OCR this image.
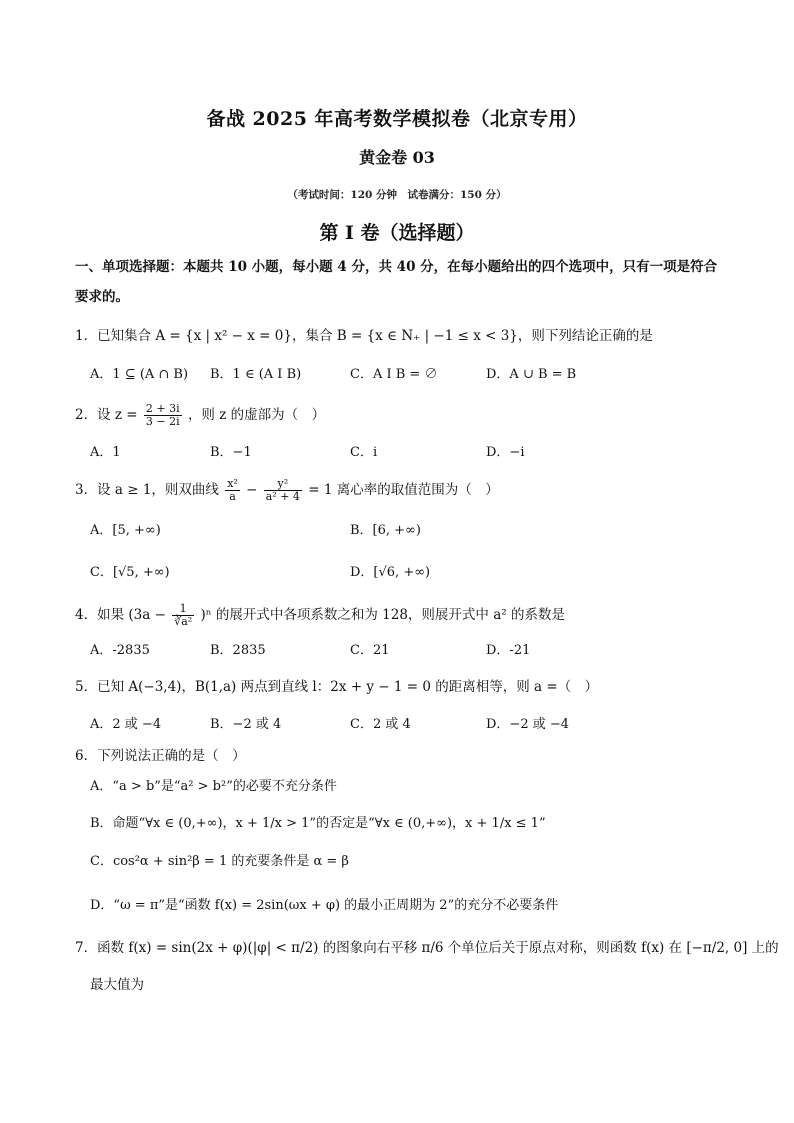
备战 2025 年高考数学模拟卷（北京专用）
黄金卷 03
（考试时间：120 分钟　试卷满分：150 分）
第 I 卷（选择题）
一、单项选择题：本题共 10 小题，每小题 4 分，共 40 分，在每小题给出的四个选项中，只有一项是符合
要求的。
1．已知集合 A = {x | x² − x = 0}，集合 B = {x ∈ N₊ | −1 ≤ x < 3}，则下列结论正确的是
A．1 ⊆ (A ∩ B) B．1 ∈ (A I B)	C．A I B = ∅	D．A ∪ B = B
2．设 $z = \frac{2 + 3i}{3 - 2i}$ ，则 z 的虚部为（　）
A．1	B．−1	C．i	D．−i
3．设 a ≥ 1，则双曲线 $\frac{\text{x²}}{a} - \frac{\text{y²}}{\text{a² + 4}} = 1$ 离心率的取值范围为（　）
A．[5, +∞)	B．[6, +∞)
C．[√5, +∞)	D．[√6, +∞)
4．如果 $(3a - \frac{1}{\text{∛a²}} )^n$ 的展开式中各项系数之和为 128，则展开式中 a² 的系数是
A．-2835	B．2835	C．21	D．-21
5．已知 A(−3,4)，B(1,a) 两点到直线 l：2x + y − 1 = 0 的距离相等，则 a =（　）
A．2 或 −4	B．−2 或 4	C．2 或 4	D．−2 或 −4
6．下列说法正确的是（　）
A．“a > b”是“a² > b²”的必要不充分条件
B．命题“∀x ∈ (0,+∞)，x + 1/x > 1”的否定是“∀x ∈ (0,+∞)，x + 1/x ≤ 1”
C．cos²α + sin²β = 1 的充要条件是 α = β
D．“ω = π”是“函数 f(x) = 2sin(ωx + φ) 的最小正周期为 2”的充分不必要条件
7．函数 f(x) = sin(2x + φ)(|φ| < π/2) 的图象向右平移 π/6 个单位后关于原点对称，则函数 f(x) 在 [−π/2, 0] 上的
最大值为
